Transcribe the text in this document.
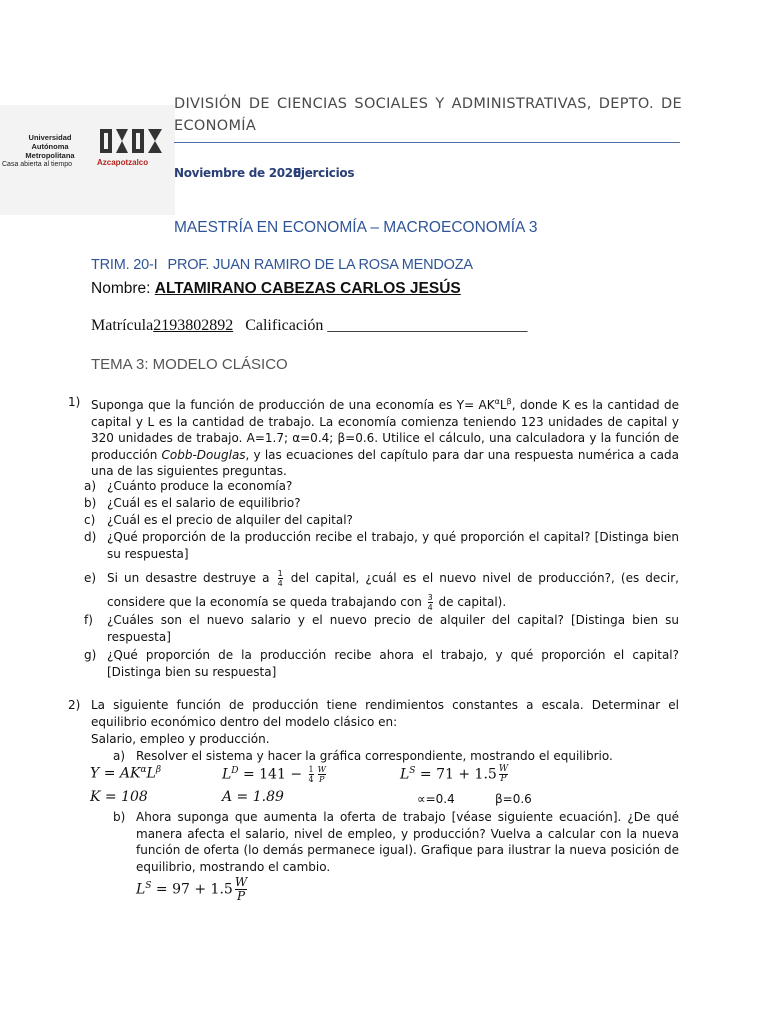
Universidad
Autónoma
Metropolitana
Casa abierta al tiempo	Azcapotzalco
DIVISIÓN DE CIENCIAS SOCIALES Y ADMINISTRATIVAS, DEPTO. DE ECONOMÍA
Noviembre de 2020
Ejercicios
MAESTRÍA EN ECONOMÍA – MACROECONOMÍA 3
TRIM. 20-I PROF. JUAN RAMIRO DE LA ROSA MENDOZA
Nombre: ALTAMIRANO CABEZAS CARLOS JESÚS
Matrícula2193802892 Calificación _________________________
TEMA 3: MODELO CLÁSICO
1) Suponga que la función de producción de una economía es $Y= AK^\alpha L^\beta$, donde K es la cantidad de capital y L es la cantidad de trabajo. La economía comienza teniendo 123 unidades de capital y 320 unidades de trabajo. A=1.7; α=0.4; β=0.6. Utilice el cálculo, una calculadora y la función de producción Cobb-Douglas, y las ecuaciones del capítulo para dar una respuesta numérica a cada una de las siguientes preguntas.
a) ¿Cuánto produce la economía?
b) ¿Cuál es el salario de equilibrio?
c) ¿Cuál es el precio de alquiler del capital?
d) ¿Qué proporción de la producción recibe el trabajo, y qué proporción el capital? [Distinga bien su respuesta]
e) Si un desastre destruye a $\frac{1}{4}$ del capital, ¿cuál es el nuevo nivel de producción?, (es decir, considere que la economía se queda trabajando con $\frac{3}{4}$ de capital).
f) ¿Cuáles son el nuevo salario y el nuevo precio de alquiler del capital? [Distinga bien su respuesta]
g) ¿Qué proporción de la producción recibe ahora el trabajo, y qué proporción el capital? [Distinga bien su respuesta]
2) La siguiente función de producción tiene rendimientos constantes a escala. Determinar el equilibrio económico dentro del modelo clásico en:
Salario, empleo y producción.
a) Resolver el sistema y hacer la gráfica correspondiente, mostrando el equilibrio.
$Y = AK^\alpha L^\beta$	$L^D = 141 - \frac{1}{4} \frac{W}{P}$	$L^S = 71 + 1.5 \frac{W}{P}$
K = 108	A = 1.89	∝=0.4	β=0.6
b) Ahora suponga que aumenta la oferta de trabajo [véase siguiente ecuación]. ¿De qué manera afecta el salario, nivel de empleo, y producción? Vuelva a calcular con la nueva función de oferta (lo demás permanece igual). Grafique para ilustrar la nueva posición de equilibrio, mostrando el cambio.
$L^S = 97 + 1.5 \frac{W}{P}$
